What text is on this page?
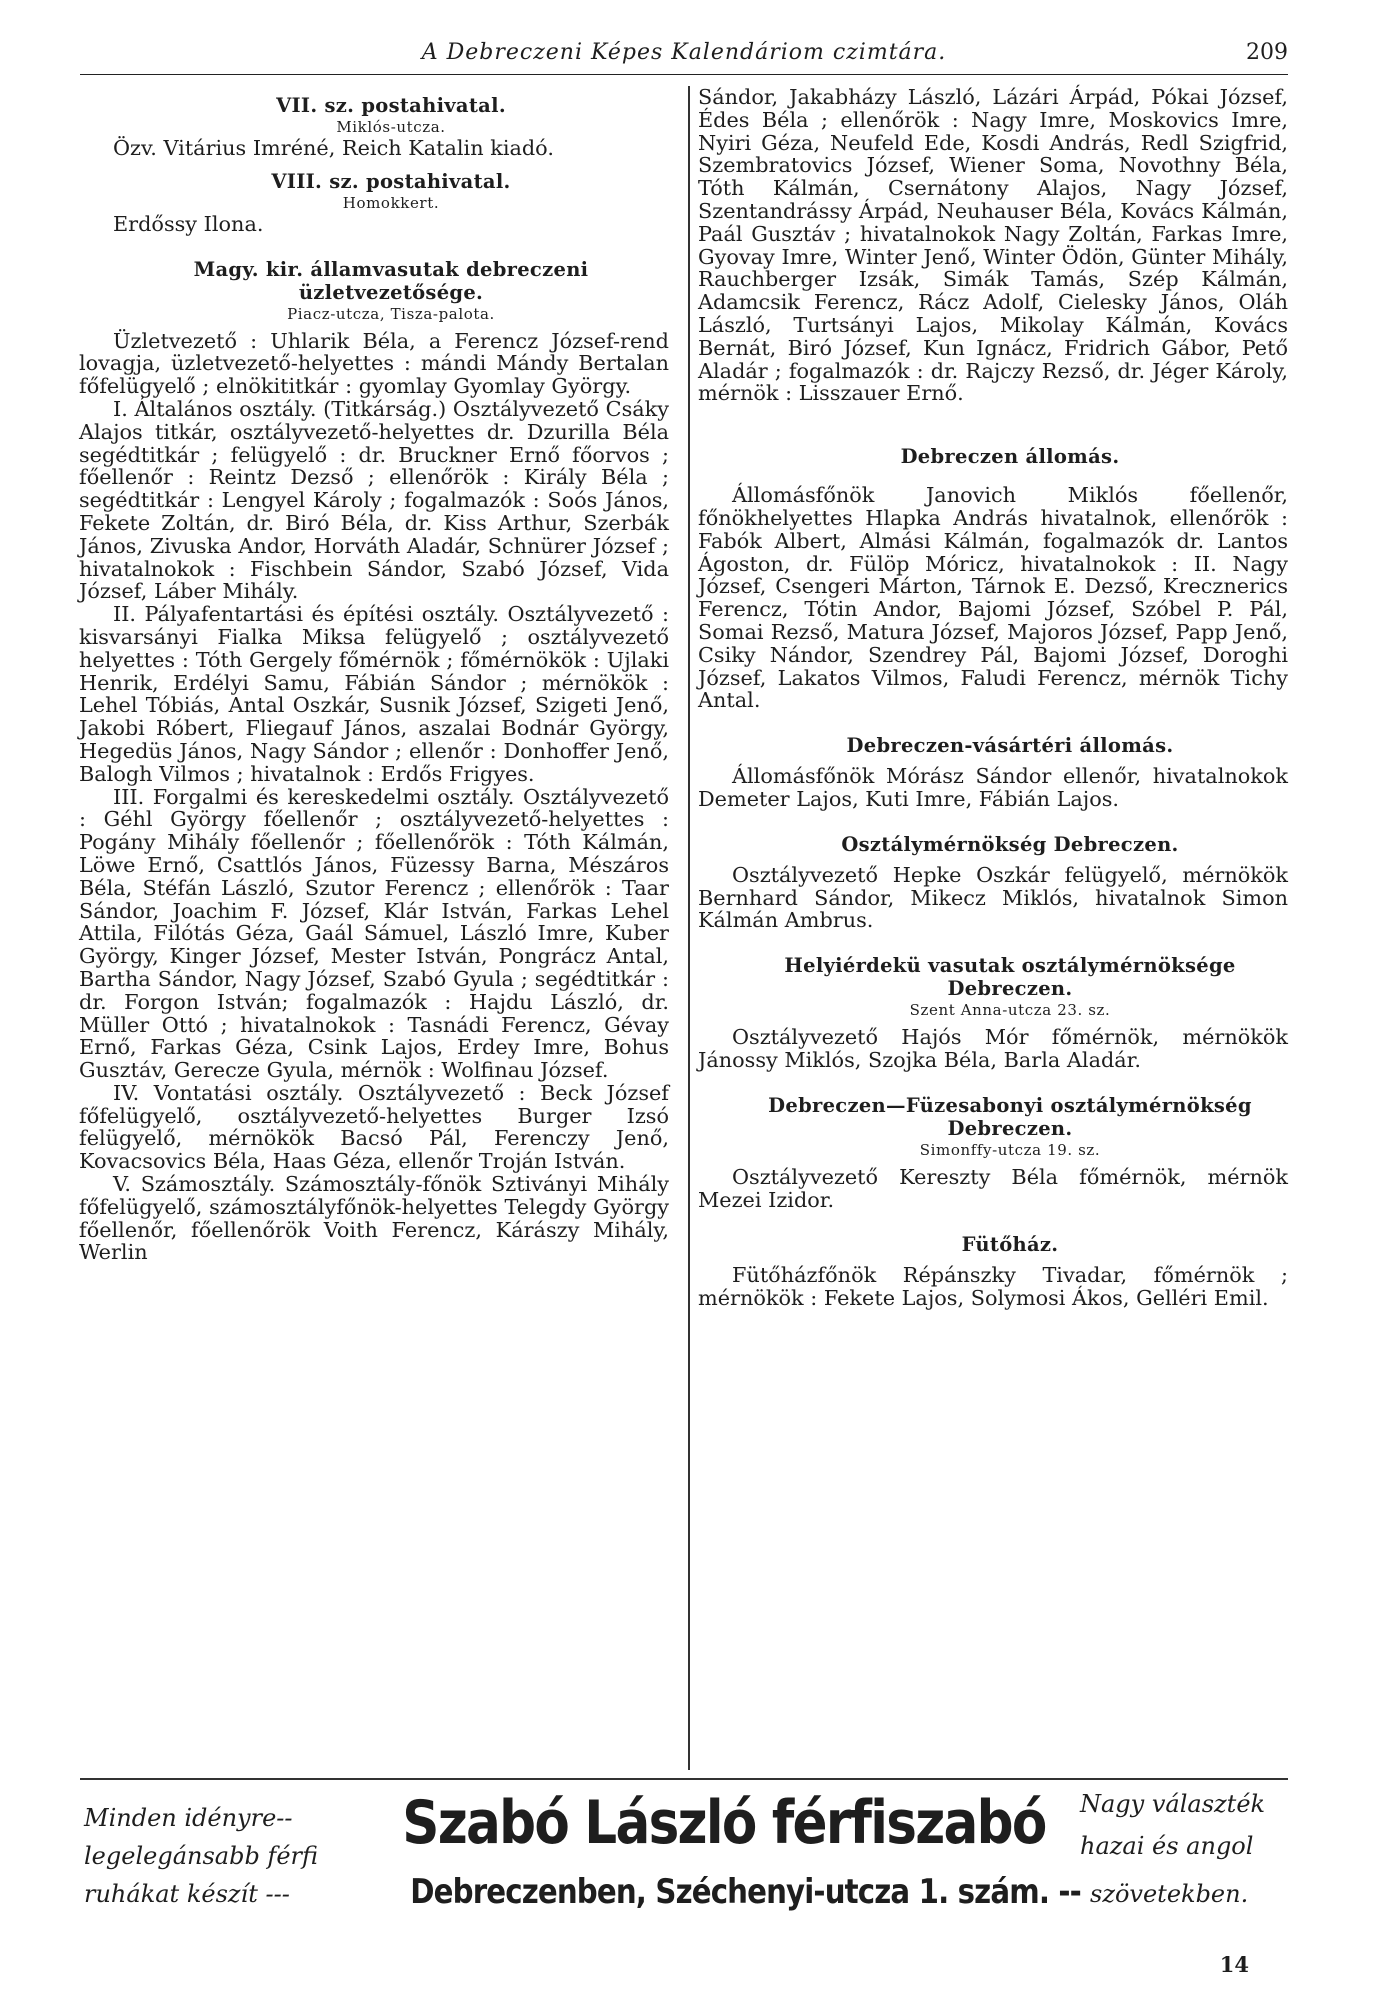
A Debreczeni Képes Kalendáriom czimtára.	209

VII. sz. postahivatal.

Miklós-utcza.

Özv. Vitárius Imréné, Reich Katalin kiadó.

VIII. sz. postahivatal.

Homokkert.

Erdőssy Ilona.

Magy. kir. államvasutak debreczeni

üzletvezetősége.

Piacz-utcza, Tisza-palota.

Üzletvezető : Uhlarik Béla, a Ferencz József-rend lovagja, üzletvezető-helyettes : mándi Mándy Bertalan főfelügyelő ; elnökititkár : gyomlay Gyomlay György.

I. Általános osztály. (Titkárság.) Osztályvezető Csáky Alajos titkár, osztályvezető-helyettes dr. Dzurilla Béla segédtitkár ; felügyelő : dr. Bruckner Ernő főorvos ; főellenőr : Reintz Dezső ; ellenőrök : Király Béla ; segédtitkár : Lengyel Károly ; fogalmazók : Soós János, Fekete Zoltán, dr. Biró Béla, dr. Kiss Arthur, Szerbák János, Zivuska Andor, Horváth Aladár, Schnürer József ; hivatalnokok : Fischbein Sándor, Szabó József, Vida József, Láber Mihály.

II. Pályafentartási és építési osztály. Osztályvezető : kisvarsányi Fialka Miksa felügyelő ; osztályvezető helyettes : Tóth Gergely főmérnök ; főmérnökök : Ujlaki Henrik, Erdélyi Samu, Fábián Sándor ; mérnökök : Lehel Tóbiás, Antal Oszkár, Susnik József, Szigeti Jenő, Jakobi Róbert, Fliegauf János, aszalai Bodnár György, Hegedüs János, Nagy Sándor ; ellenőr : Donhoffer Jenő, Balogh Vilmos ; hivatalnok : Erdős Frigyes.

III. Forgalmi és kereskedelmi osztály. Osztályvezető : Géhl György főellenőr ; osztályvezető-helyettes : Pogány Mihály főellenőr ; főellenőrök : Tóth Kálmán, Löwe Ernő, Csattlós János, Füzessy Barna, Mészáros Béla, Stéfán László, Szutor Ferencz ; ellenőrök : Taar Sándor, Joachim F. József, Klár István, Farkas Lehel Attila, Filótás Géza, Gaál Sámuel, László Imre, Kuber György, Kinger József, Mester István, Pongrácz Antal, Bartha Sándor, Nagy József, Szabó Gyula ; segédtitkár : dr. Forgon István; fogalmazók : Hajdu László, dr. Müller Ottó ; hivatalnokok : Tasnádi Ferencz, Gévay Ernő, Farkas Géza, Csink Lajos, Erdey Imre, Bohus Gusztáv, Gerecze Gyula, mérnök : Wolfinau József.

IV. Vontatási osztály. Osztályvezető : Beck József főfelügyelő, osztályvezető-helyettes Burger Izsó felügyelő, mérnökök Bacsó Pál, Ferenczy Jenő, Kovacsovics Béla, Haas Géza, ellenőr Troján István.

V. Számosztály. Számosztály-főnök Sztiványi Mihály főfelügyelő, számosztályfőnök-helyettes Telegdy György főellenőr, főellenőrök Voith Ferencz, Kárászy Mihály, Werlin

Sándor, Jakabházy László, Lázári Árpád, Pókai József, Édes Béla ; ellenőrök : Nagy Imre, Moskovics Imre, Nyiri Géza, Neufeld Ede, Kosdi András, Redl Szigfrid, Szembratovics József, Wiener Soma, Novothny Béla, Tóth Kálmán, Csernátony Alajos, Nagy József, Szentandrássy Árpád, Neuhauser Béla, Kovács Kálmán, Paál Gusztáv ; hivatalnokok Nagy Zoltán, Farkas Imre, Gyovay Imre, Winter Jenő, Winter Ödön, Günter Mihály, Rauchberger Izsák, Simák Tamás, Szép Kálmán, Adamcsik Ferencz, Rácz Adolf, Cielesky János, Oláh László, Turtsányi Lajos, Mikolay Kálmán, Kovács Bernát, Biró József, Kun Ignácz, Fridrich Gábor, Pető Aladár ; fogalmazók : dr. Rajczy Rezső, dr. Jéger Károly, mérnök : Lisszauer Ernő.

Debreczen állomás.

Állomásfőnök Janovich Miklós főellenőr, főnökhelyettes Hlapka András hivatalnok, ellenőrök : Fabók Albert, Almási Kálmán, fogalmazók dr. Lantos Ágoston, dr. Fülöp Móricz, hivatalnokok : II. Nagy József, Csengeri Márton, Tárnok E. Dezső, Krecznerics Ferencz, Tótin Andor, Bajomi József, Szóbel P. Pál, Somai Rezső, Matura József, Majoros József, Papp Jenő, Csiky Nándor, Szendrey Pál, Bajomi József, Doroghi József, Lakatos Vilmos, Faludi Ferencz, mérnök Tichy Antal.

Debreczen-vásártéri állomás.

Állomásfőnök Mórász Sándor ellenőr, hivatalnokok Demeter Lajos, Kuti Imre, Fábián Lajos.

Osztálymérnökség Debreczen.

Osztályvezető Hepke Oszkár felügyelő, mérnökök Bernhard Sándor, Mikecz Miklós, hivatalnok Simon Kálmán Ambrus.

Helyiérdekü vasutak osztálymérnöksége

Debreczen.

Szent Anna-utcza 23. sz.

Osztályvezető Hajós Mór főmérnök, mérnökök Jánossy Miklós, Szojka Béla, Barla Aladár.

Debreczen—Füzesabonyi osztálymérnökség

Debreczen.

Simonffy-utcza 19. sz.

Osztályvezető Kereszty Béla főmérnök, mérnök Mezei Izidor.

Fütőház.

Fütőházfőnök Répánszky Tivadar, főmérnök ; mérnökök : Fekete Lajos, Solymosi Ákos, Gelléri Emil.

Minden idényre--
legelegánsabb férfi
ruhákat készít ---
Szabó László férfiszabó
Debreczenben, Széchenyi-utcza 1. szám. --
Nagy választék
hazai és angol
szövetekben.
14
